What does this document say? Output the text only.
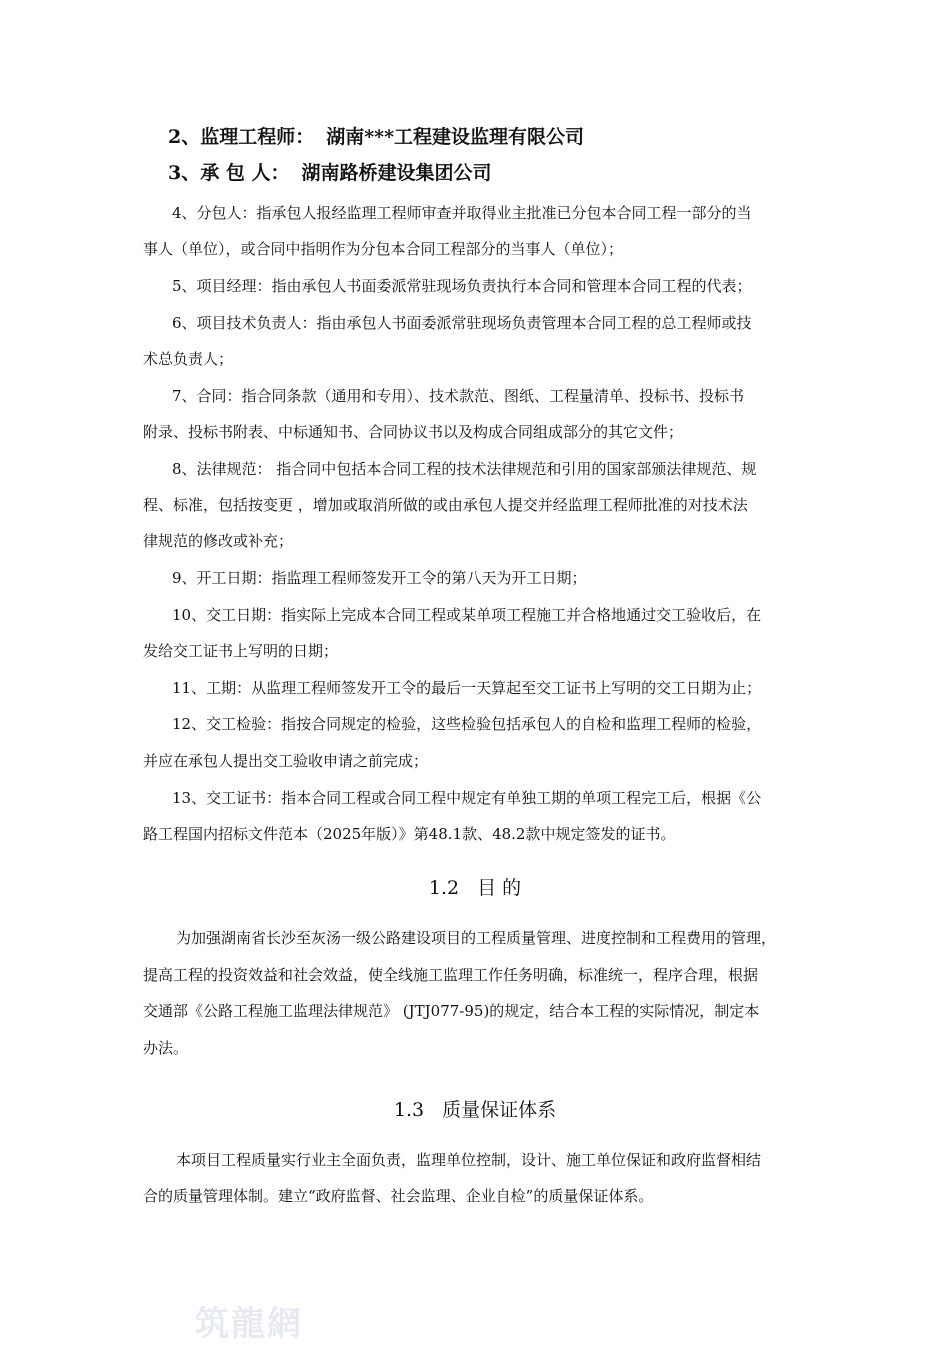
2、监理工程师： 湖南***工程建设监理有限公司
3、承 包 人： 湖南路桥建设集团公司
4、分包人：指承包人报经监理工程师审查并取得业主批准已分包本合同工程一部分的当
事人（单位），或合同中指明作为分包本合同工程部分的当事人（单位）；
5、项目经理：指由承包人书面委派常驻现场负责执行本合同和管理本合同工程的代表；
6、项目技术负责人：指由承包人书面委派常驻现场负责管理本合同工程的总工程师或技
术总负责人；
7、合同：指合同条款（通用和专用）、技术款范、图纸、工程量清单、投标书、投标书
附录、投标书附表、中标通知书、合同协议书以及构成合同组成部分的其它文件；
8、法律规范： 指合同中包括本合同工程的技术法律规范和引用的国家部颁法律规范、规
程、标准，包括按变更 ，增加或取消所做的或由承包人提交并经监理工程师批准的对技术法
律规范的修改或补充；
9、开工日期：指监理工程师签发开工令的第八天为开工日期；
10、交工日期：指实际上完成本合同工程或某单项工程施工并合格地通过交工验收后，在
发给交工证书上写明的日期；
11、工期：从监理工程师签发开工令的最后一天算起至交工证书上写明的交工日期为止；
12、交工检验：指按合同规定的检验，这些检验包括承包人的自检和监理工程师的检验，
并应在承包人提出交工验收申请之前完成；
13、交工证书：指本合同工程或合同工程中规定有单独工期的单项工程完工后，根据《公
路工程国内招标文件范本（2025年版）》第48.1款、48.2款中规定签发的证书。
1.2 目 的
为加强湖南省长沙至灰汤一级公路建设项目的工程质量管理、进度控制和工程费用的管理，
提高工程的投资效益和社会效益，使全线施工监理工作任务明确，标准统一，程序合理，根据
交通部《公路工程施工监理法律规范》 (JTJ077-95)的规定，结合本工程的实际情况，制定本
办法。
1.3 质量保证体系
本项目工程质量实行业主全面负责，监理单位控制，设计、施工单位保证和政府监督相结
合的质量管理体制。建立“政府监督、社会监理、企业自检”的质量保证体系。
筑龍網
